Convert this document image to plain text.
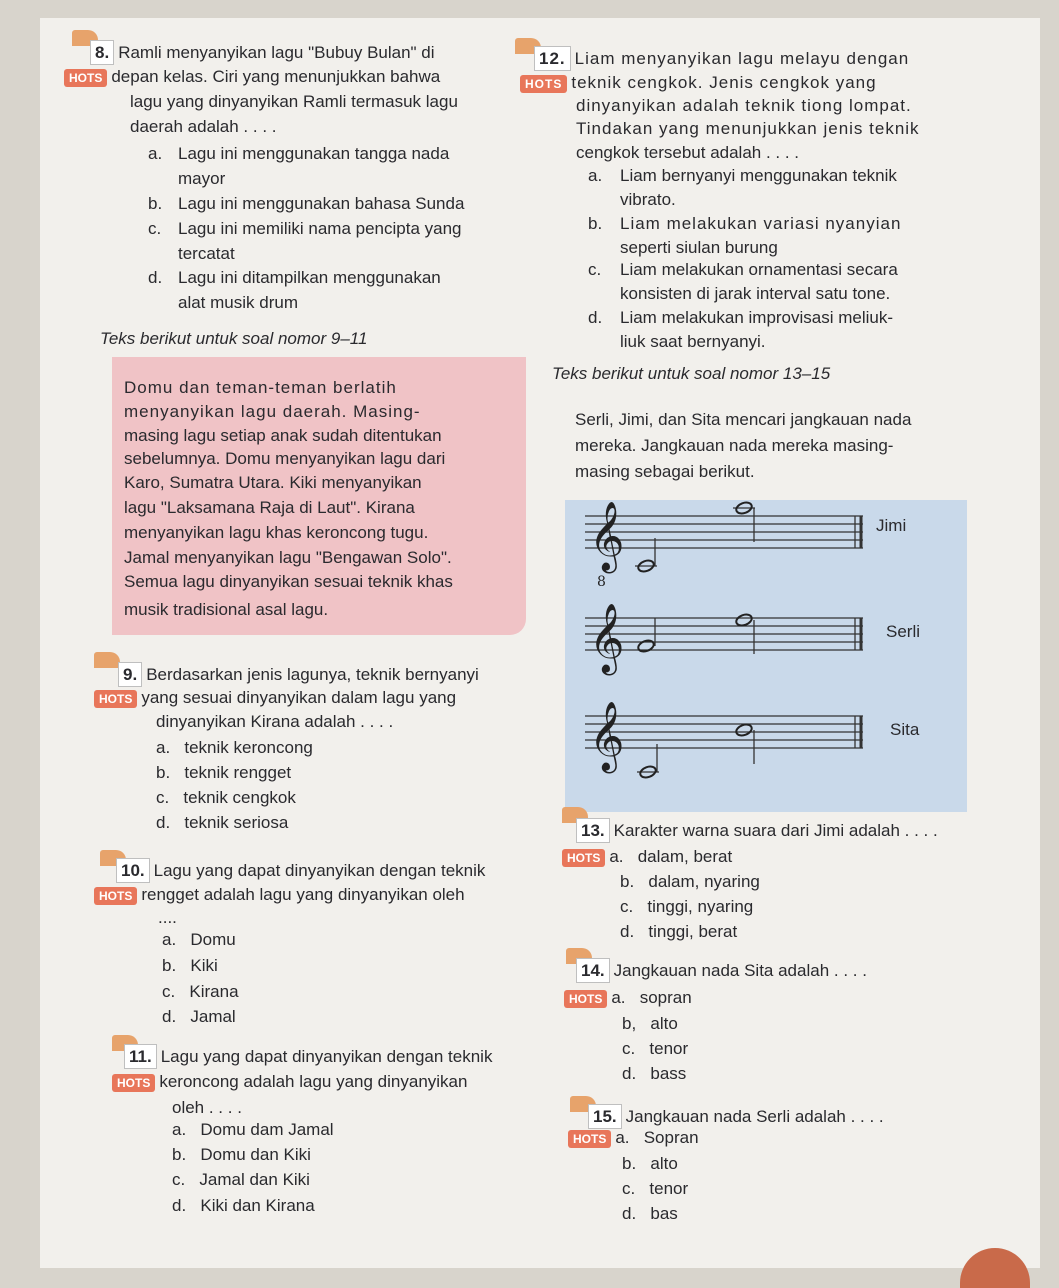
8. Ramli menyanyikan lagu "Bubuy Bulan" di
HOTS depan kelas. Ciri yang menunjukkan bahwa
lagu yang dinyanyikan Ramli termasuk lagu
daerah adalah . . . .
a. Lagu ini menggunakan tangga nada
mayor
b. Lagu ini menggunakan bahasa Sunda
c. Lagu ini memiliki nama pencipta yang
tercatat
d. Lagu ini ditampilkan menggunakan
alat musik drum
Teks berikut untuk soal nomor 9–11
Domu dan teman-teman berlatih
menyanyikan lagu daerah. Masing-
masing lagu setiap anak sudah ditentukan
sebelumnya. Domu menyanyikan lagu dari
Karo, Sumatra Utara. Kiki menyanyikan
lagu "Laksamana Raja di Laut". Kirana
menyanyikan lagu khas keroncong tugu.
Jamal menyanyikan lagu "Bengawan Solo".
Semua lagu dinyanyikan sesuai teknik khas
musik tradisional asal lagu.
9. Berdasarkan jenis lagunya, teknik bernyanyi
HOTS yang sesuai dinyanyikan dalam lagu yang
dinyanyikan Kirana adalah . . . .
a. teknik keroncong
b. teknik rengget
c. teknik cengkok
d. teknik seriosa
10. Lagu yang dapat dinyanyikan dengan teknik
HOTS rengget adalah lagu yang dinyanyikan oleh
....
a. Domu
b. Kiki
c. Kirana
d. Jamal
11. Lagu yang dapat dinyanyikan dengan teknik
HOTS keroncong adalah lagu yang dinyanyikan
oleh . . . .
a. Domu dam Jamal
b. Domu dan Kiki
c. Jamal dan Kiki
d. Kiki dan Kirana
12. Liam menyanyikan lagu melayu dengan
HOTS teknik cengkok. Jenis cengkok yang
dinyanyikan adalah teknik tiong lompat.
Tindakan yang menunjukkan jenis teknik
cengkok tersebut adalah . . . .
a. Liam bernyanyi menggunakan teknik
vibrato.
b. Liam melakukan variasi nyanyian
seperti siulan burung
c. Liam melakukan ornamentasi secara
konsisten di jarak interval satu tone.
d. Liam melakukan improvisasi meliuk-
liuk saat bernyanyi.
Teks berikut untuk soal nomor 13–15
Serli, Jimi, dan Sita mencari jangkauan nada
mereka. Jangkauan nada mereka masing-
masing sebagai berikut.
𝄞
8
Jimi
𝄞	Serli
𝄞	Sita
13. Karakter warna suara dari Jimi adalah . . . .
HOTS a. dalam, berat
b. dalam, nyaring
c. tinggi, nyaring
d. tinggi, berat
14. Jangkauan nada Sita adalah . . . .
HOTS a. sopran
b, alto
c. tenor
d. bass
15. Jangkauan nada Serli adalah . . . .
HOTS a. Sopran
b. alto
c. tenor
d. bas
